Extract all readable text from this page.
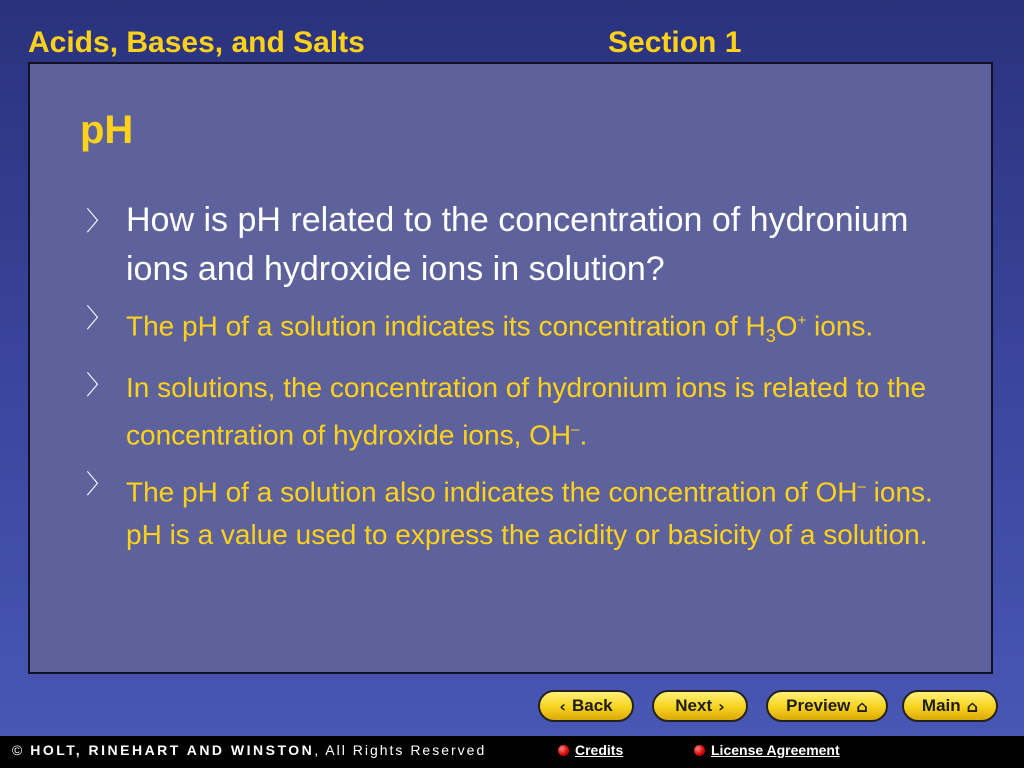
Acids, Bases, and Salts	Section 1
pH
〉 How is pH related to the concentration of hydronium ions and hydroxide ions in solution?
〉 The pH of a solution indicates its concentration of $H_3O^+$ ions.
〉 In solutions, the concentration of hydronium ions is related to the concentration of hydroxide ions, OH–.
〉 The pH of a solution also indicates the concentration of OH– ions. pH is a value used to express the acidity or basicity of a solution.
‹ Back	Next ›	Preview ⌂	Main ⌂
© HOLT, RINEHART AND WINSTON, All Rights Reserved	Credits	License Agreement
